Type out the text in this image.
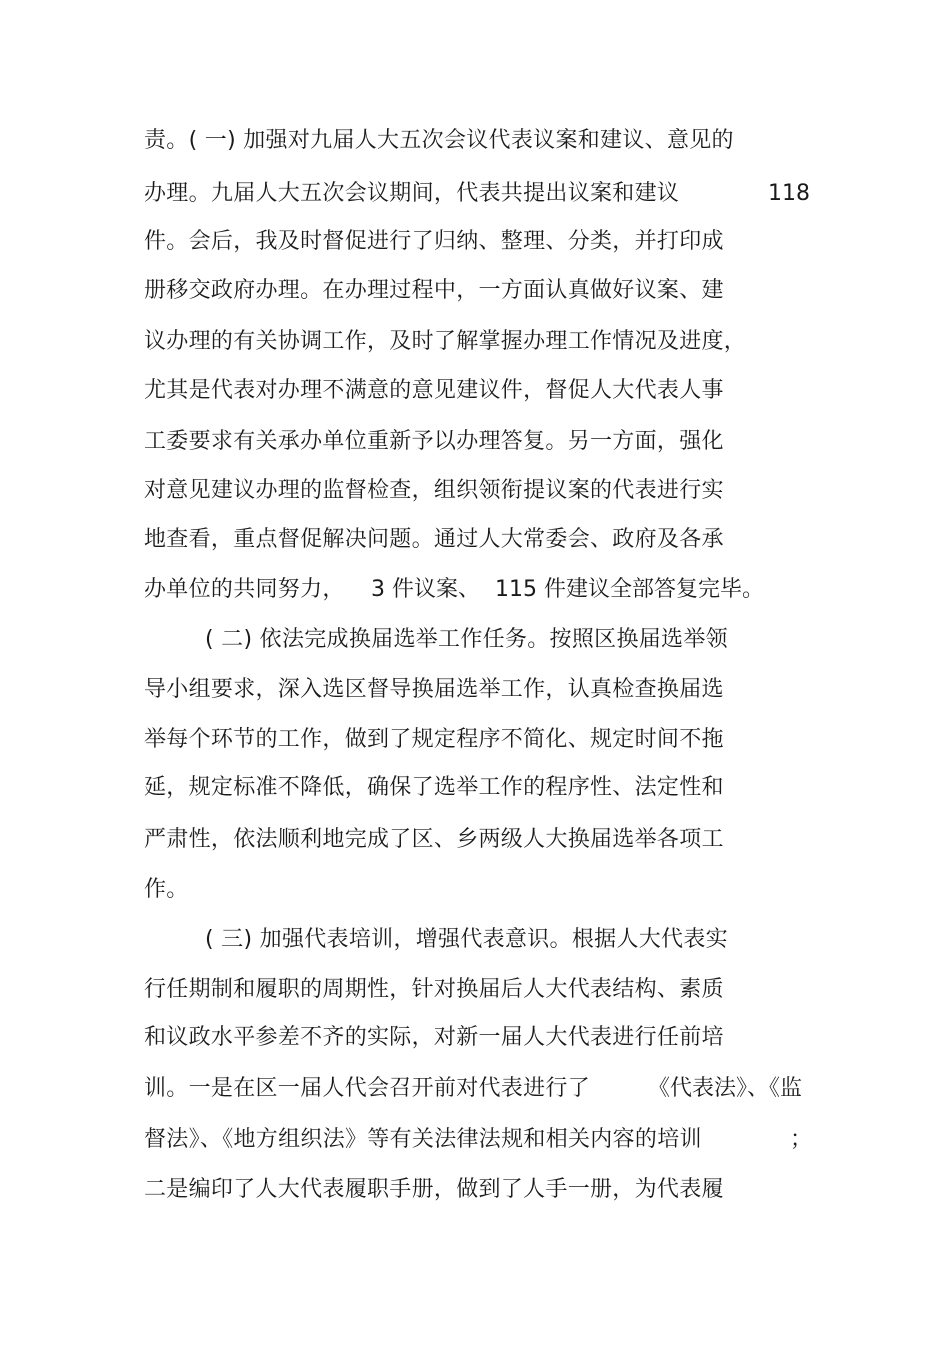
责。( 一) 加强对九届人大五次会议代表议案和建议、意见的
办理。九届人大五次会议期间，代表共提出议案和建议	118
件。会后，我及时督促进行了归纳、整理、分类，并打印成
册移交政府办理。在办理过程中，一方面认真做好议案、建
议办理的有关协调工作，及时了解掌握办理工作情况及进度，
尤其是代表对办理不满意的意见建议件，督促人大代表人事
工委要求有关承办单位重新予以办理答复。另一方面，强化
对意见建议办理的监督检查，组织领衔提议案的代表进行实
地查看，重点督促解决问题。通过人大常委会、政府及各承
办单位的共同努力， 3 件议案、 115 件建议全部答复完毕。
( 二) 依法完成换届选举工作任务。按照区换届选举领
导小组要求，深入选区督导换届选举工作，认真检查换届选
举每个环节的工作，做到了规定程序不简化、规定时间不拖
延，规定标准不降低，确保了选举工作的程序性、法定性和
严肃性，依法顺利地完成了区、乡两级人大换届选举各项工
作。
( 三) 加强代表培训，增强代表意识。根据人大代表实
行任期制和履职的周期性，针对换届后人大代表结构、素质
和议政水平参差不齐的实际，对新一届人大代表进行任前培
训。一是在区一届人代会召开前对代表进行了	《代表法》、《监
督法》、《地方组织法》等有关法律法规和相关内容的培训	；
二是编印了人大代表履职手册，做到了人手一册，为代表履
